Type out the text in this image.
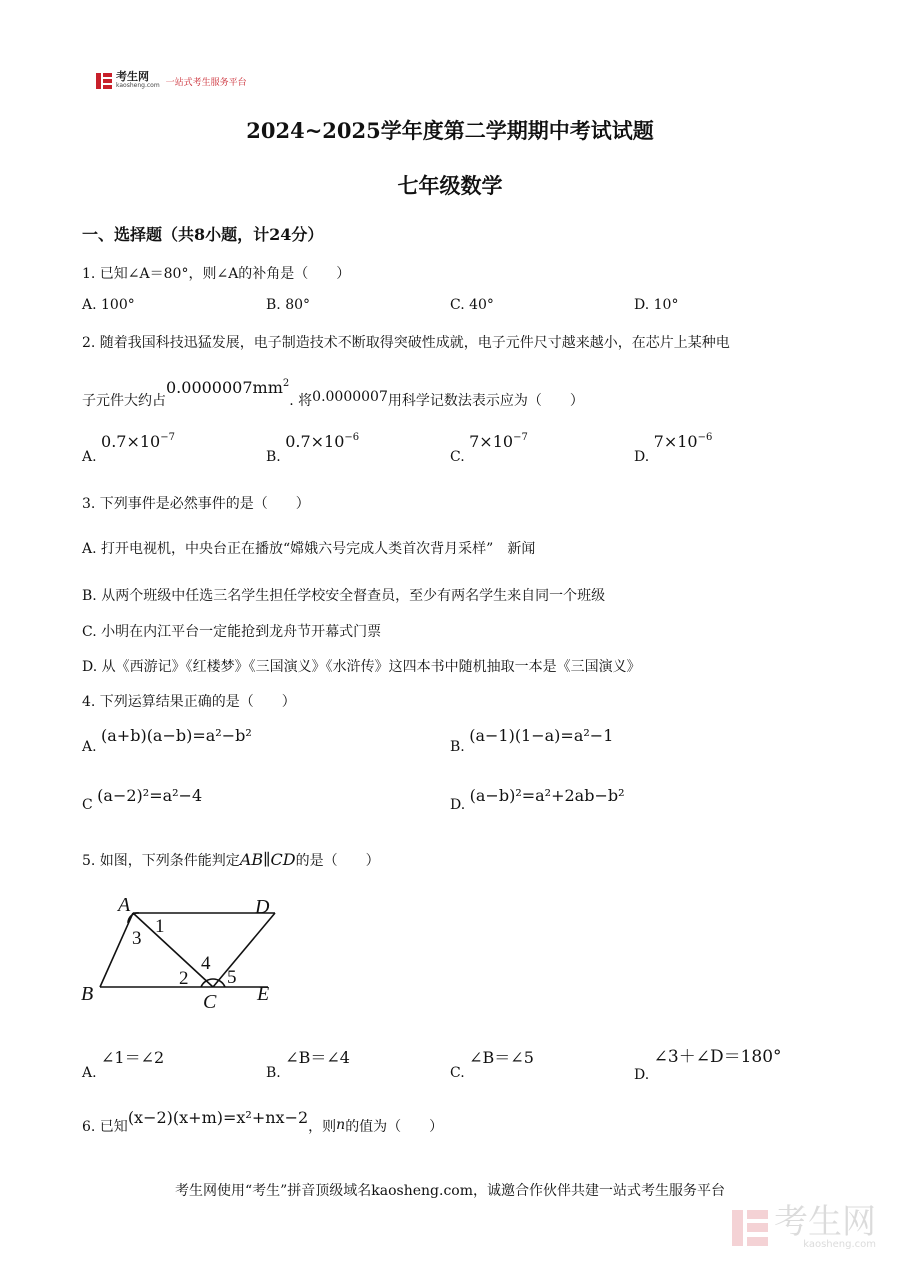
考生网
kaosheng.com 一站式考生服务平台
2024~2025学年度第二学期期中考试试题
七年级数学
一、选择题（共8小题，计24分）
1. 已知∠A＝80°，则∠A的补角是（　　）
A. 100°	B. 80°	C. 40°	D. 10°
2. 随着我国科技迅猛发展，电子制造技术不断取得突破性成就，电子元件尺寸越来越小，在芯片上某种电
子元件大约占$0.0000007mm^2$. 将0.0000007用科学记数法表示应为（　　）
A. $0.7\times 10^{-7}$
B. $0.7\times 10^{-6}$
C. $7\times 10^{-7}$
D. $7\times 10^{-6}$
3. 下列事件是必然事件的是（　　）
A. 打开电视机，中央台正在播放“嫦娥六号完成人类首次背月采样”　新闻
B. 从两个班级中任选三名学生担任学校安全督查员，至少有两名学生来自同一个班级
C. 小明在内江平台一定能抢到龙舟节开幕式门票
D. 从《西游记》《红楼梦》《三国演义》《水浒传》这四本书中随机抽取一本是《三国演义》
4. 下列运算结果正确的是（　　）
A. (a+b)(a−b)=a²−b²
B. (a−1)(1−a)=a²−1
C (a−2)²=a²−4	D. (a−b)²=a²+2ab−b²
5. 如图，下列条件能判定AB∥CD的是（　　）
A	D
B	C E
1
3
4
2 5
A. ∠1＝∠2
B. ∠B＝∠4
C. ∠B＝∠5
D. ∠3＋∠D＝180°
6. 已知(x−2)(x+m)=x²+nx−2，则n的值为（　　）
考生网使用“考生”拼音顶级域名kaosheng.com，诚邀合作伙伴共建一站式考生服务平台
考生网
kaosheng.com
